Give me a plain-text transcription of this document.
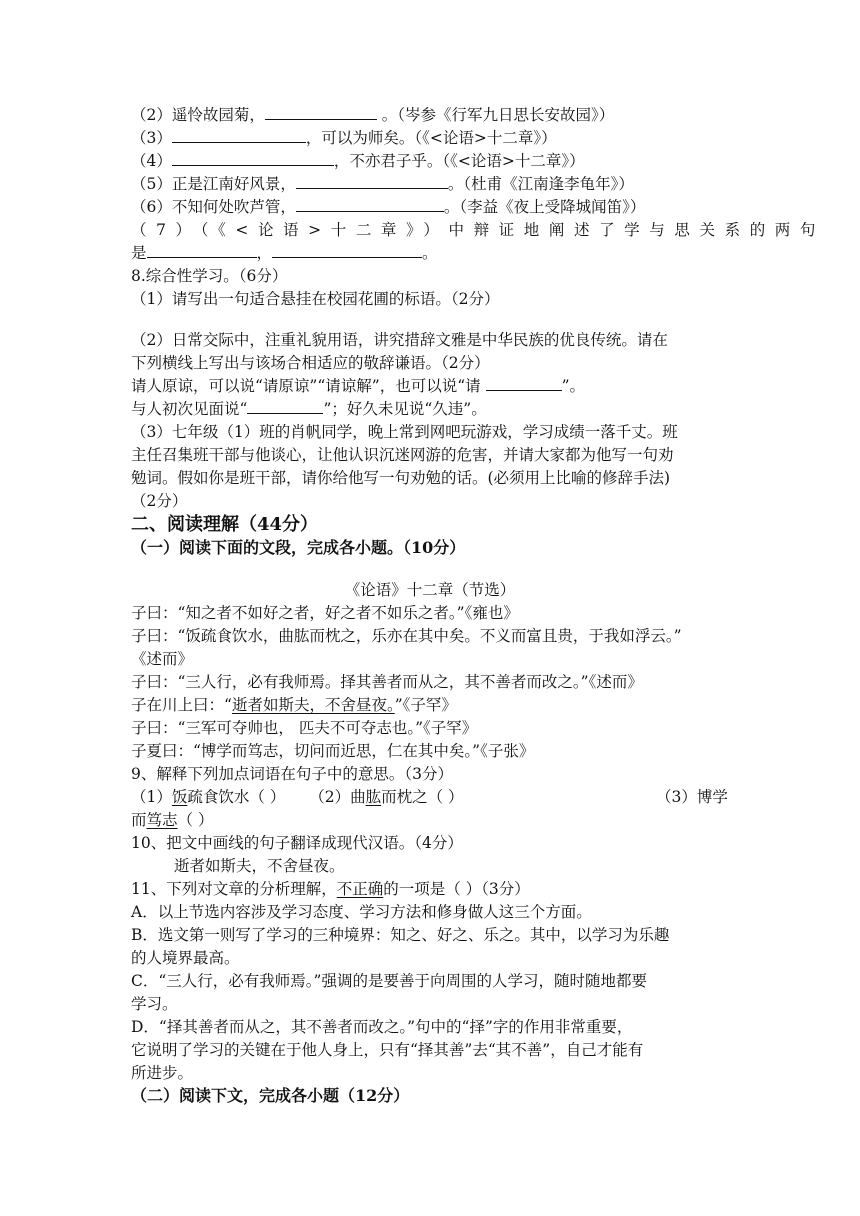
（2）遥怜故园菊，	。（岑参《行军九日思长安故园》）
（3）	，可以为师矣。（《<论语>十二章》）
（4）	，不亦君子乎。（《<论语>十二章》）
（5）正是江南好风景，	。（杜甫《江南逢李龟年》）
（6）不知何处吹芦管，	。（李益《夜上受降城闻笛》）
（7）（《<论语>十二章》）中辩证地阐述了学与思关系的两句
是	，	。
8.综合性学习。（6分）
（1）请写出一句适合悬挂在校园花圃的标语。（2分）
（2）日常交际中，注重礼貌用语，讲究措辞文雅是中华民族的优良传统。请在
下列横线上写出与该场合相适应的敬辞谦语。（2分）
请人原谅，可以说“请原谅”“请谅解”，也可以说“请	”。
与人初次见面说“	”；好久未见说“久违”。
（3）七年级（1）班的肖帆同学，晚上常到网吧玩游戏，学习成绩一落千丈。班
主任召集班干部与他谈心，让他认识沉迷网游的危害，并请大家都为他写一句劝
勉词。假如你是班干部，请你给他写一句劝勉的话。(必须用上比喻的修辞手法)
（2分）
二、阅读理解（44分）
（一）阅读下面的文段，完成各小题。（10分）
《论语》十二章（节选）
子曰：“知之者不如好之者，好之者不如乐之者。”《雍也》
子曰：“饭疏食饮水，曲肱而枕之，乐亦在其中矣。不义而富且贵，于我如浮云。”
《述而》
子曰：“三人行，必有我师焉。择其善者而从之，其不善者而改之。”《述而》
子在川上曰：“逝者如斯夫，不舍昼夜。”《子罕》
子曰：“三军可夺帅也， 匹夫不可夺志也。”《子罕》
子夏曰：“博学而笃志，切问而近思，仁在其中矣。”《子张》
9、解释下列加点词语在句子中的意思。（3分）
（1）饭疏食饮水（ ） （2）曲肱而枕之（ ）	（3）博学
而笃志（ ）
10、把文中画线的句子翻译成现代汉语。（4分）
逝者如斯夫，不舍昼夜。
11、下列对文章的分析理解，不正确的一项是（ ）（3分）
A．以上节选内容涉及学习态度、学习方法和修身做人这三个方面。
B．选文第一则写了学习的三种境界：知之、好之、乐之。其中，以学习为乐趣
的人境界最高。
C．“三人行，必有我师焉。”强调的是要善于向周围的人学习，随时随地都要
学习。
D．“择其善者而从之，其不善者而改之。”句中的“择”字的作用非常重要，
它说明了学习的关键在于他人身上，只有“择其善”去“其不善”，自己才能有
所进步。
（二）阅读下文，完成各小题（12分）
